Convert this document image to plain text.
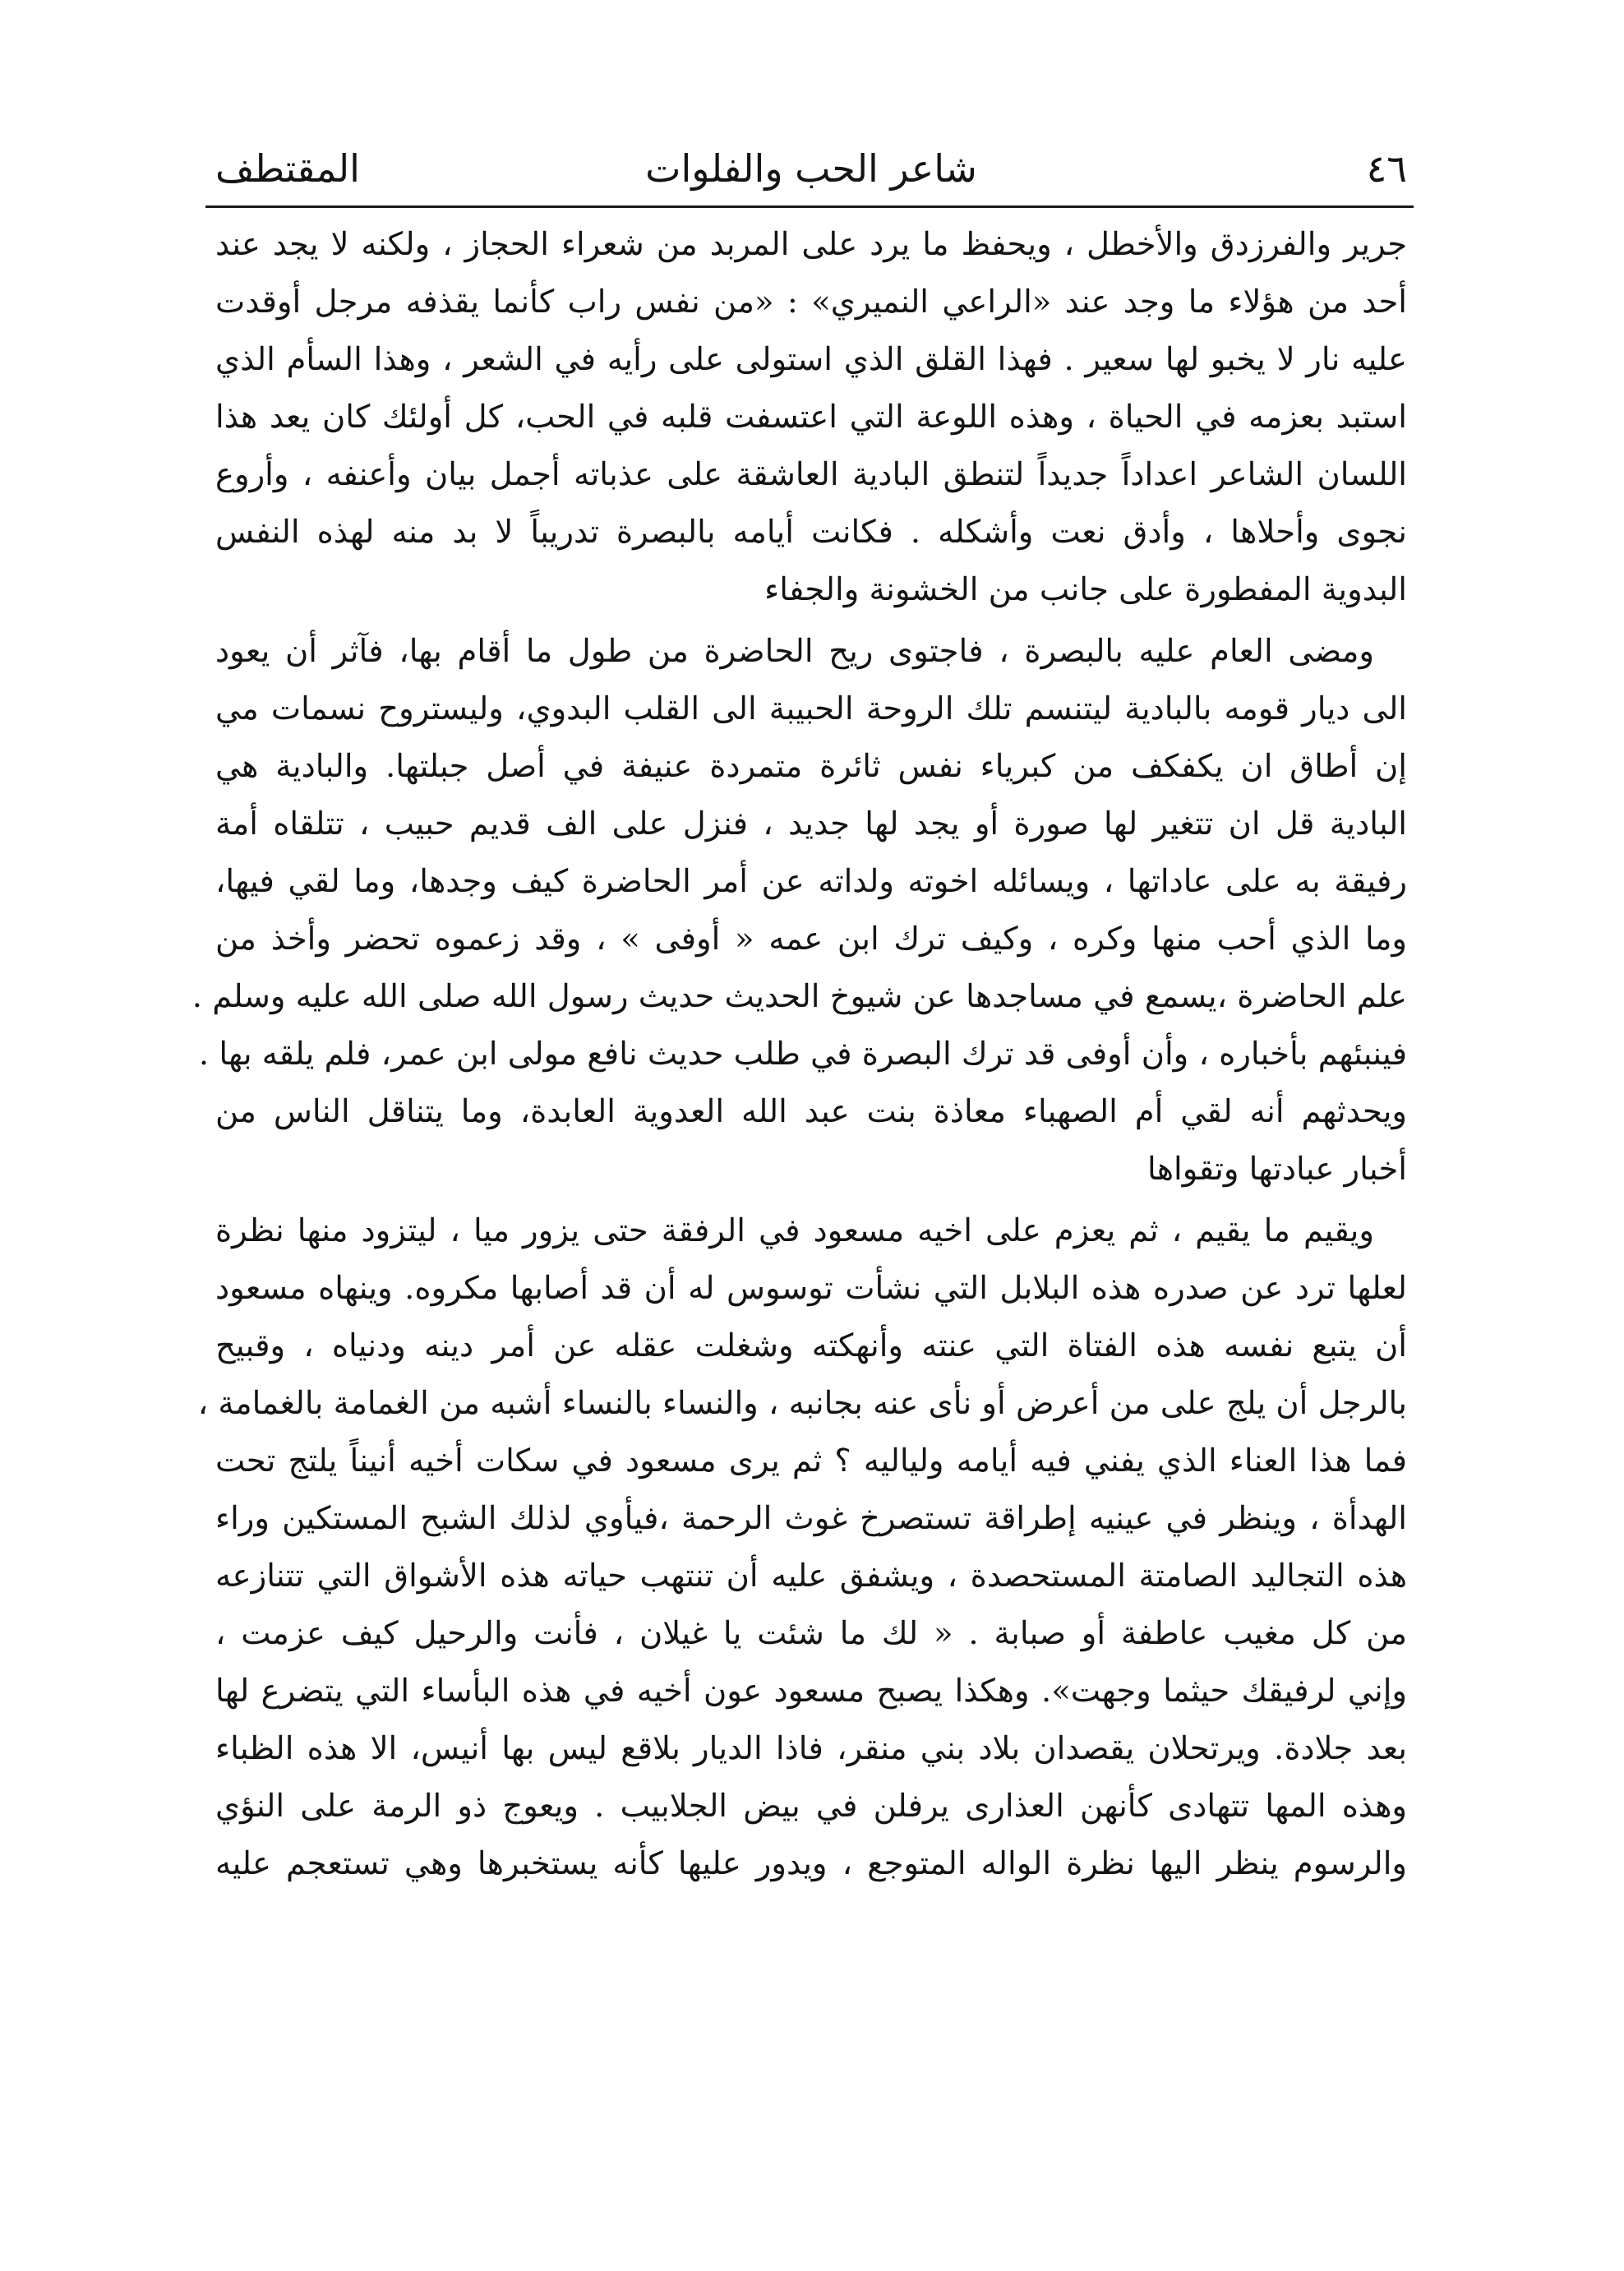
٤٦
شاعر الحب والفلوات
المقتطف
جرير والفرزدق والأخطل ، ويحفظ ما يرد على المربد من شعراء الحجاز ، ولكنه لا يجد عند
أحد من هؤلاء ما وجد عند «الراعي النميري» : «من نفس راب كأنما يقذفه مرجل أوقدت
عليه نار لا يخبو لها سعير . فهذا القلق الذي استولى على رأيه في الشعر ، وهذا السأم الذي
استبد بعزمه في الحياة ، وهذه اللوعة التي اعتسفت قلبه في الحب، كل أولئك كان يعد هذا
اللسان الشاعر اعداداً جديداً لتنطق البادية العاشقة على عذباته أجمل بيان وأعنفه ، وأروع
نجوى وأحلاها ، وأدق نعت وأشكله . فكانت أيامه بالبصرة تدريباً لا بد منه لهذه النفس
البدوية المفطورة على جانب من الخشونة والجفاء
ومضى العام عليه بالبصرة ، فاجتوى ريح الحاضرة من طول ما أقام بها، فآثر أن يعود
الى ديار قومه بالبادية ليتنسم تلك الروحة الحبيبة الى القلب البدوي، وليستروح نسمات مي
إن أطاق ان يكفكف من كبرياء نفس ثائرة متمردة عنيفة في أصل جبلتها. والبادية هي
البادية قل ان تتغير لها صورة أو يجد لها جديد ، فنزل على الف قديم حبيب ، تتلقاه أمة
رفيقة به على عاداتها ، ويسائله اخوته ولداته عن أمر الحاضرة كيف وجدها، وما لقي فيها،
وما الذي أحب منها وكره ، وكيف ترك ابن عمه « أوفى » ، وقد زعموه تحضر وأخذ من
علم الحاضرة ،يسمع في مساجدها عن شيوخ الحديث حديث رسول الله صلى الله عليه وسلم .
فينبئهم بأخباره ، وأن أوفى قد ترك البصرة في طلب حديث نافع مولى ابن عمر، فلم يلقه بها .
ويحدثهم أنه لقي أم الصهباء معاذة بنت عبد الله العدوية العابدة، وما يتناقل الناس من
أخبار عبادتها وتقواها
ويقيم ما يقيم ، ثم يعزم على اخيه مسعود في الرفقة حتى يزور ميا ، ليتزود منها نظرة
لعلها ترد عن صدره هذه البلابل التي نشأت توسوس له أن قد أصابها مكروه. وينهاه مسعود
أن يتبع نفسه هذه الفتاة التي عنته وأنهكته وشغلت عقله عن أمر دينه ودنياه ، وقبيح
بالرجل أن يلج على من أعرض أو نأى عنه بجانبه ، والنساء بالنساء أشبه من الغمامة بالغمامة ،
فما هذا العناء الذي يفني فيه أيامه ولياليه ؟ ثم يرى مسعود في سكات أخيه أنيناً يلتج تحت
الهدأة ، وينظر في عينيه إطراقة تستصرخ غوث الرحمة ،فيأوي لذلك الشبح المستكين وراء
هذه التجاليد الصامتة المستحصدة ، ويشفق عليه أن تنتهب حياته هذه الأشواق التي تتنازعه
من كل مغيب عاطفة أو صبابة . « لك ما شئت يا غيلان ، فأنت والرحيل كيف عزمت ،
وإني لرفيقك حيثما وجهت». وهكذا يصبح مسعود عون أخيه في هذه البأساء التي يتضرع لها
بعد جلادة. ويرتحلان يقصدان بلاد بني منقر، فاذا الديار بلاقع ليس بها أنيس، الا هذه الظباء
وهذه المها تتهادى كأنهن العذارى يرفلن في بيض الجلابيب . ويعوج ذو الرمة على النؤي
والرسوم ينظر اليها نظرة الواله المتوجع ، ويدور عليها كأنه يستخبرها وهي تستعجم عليه
